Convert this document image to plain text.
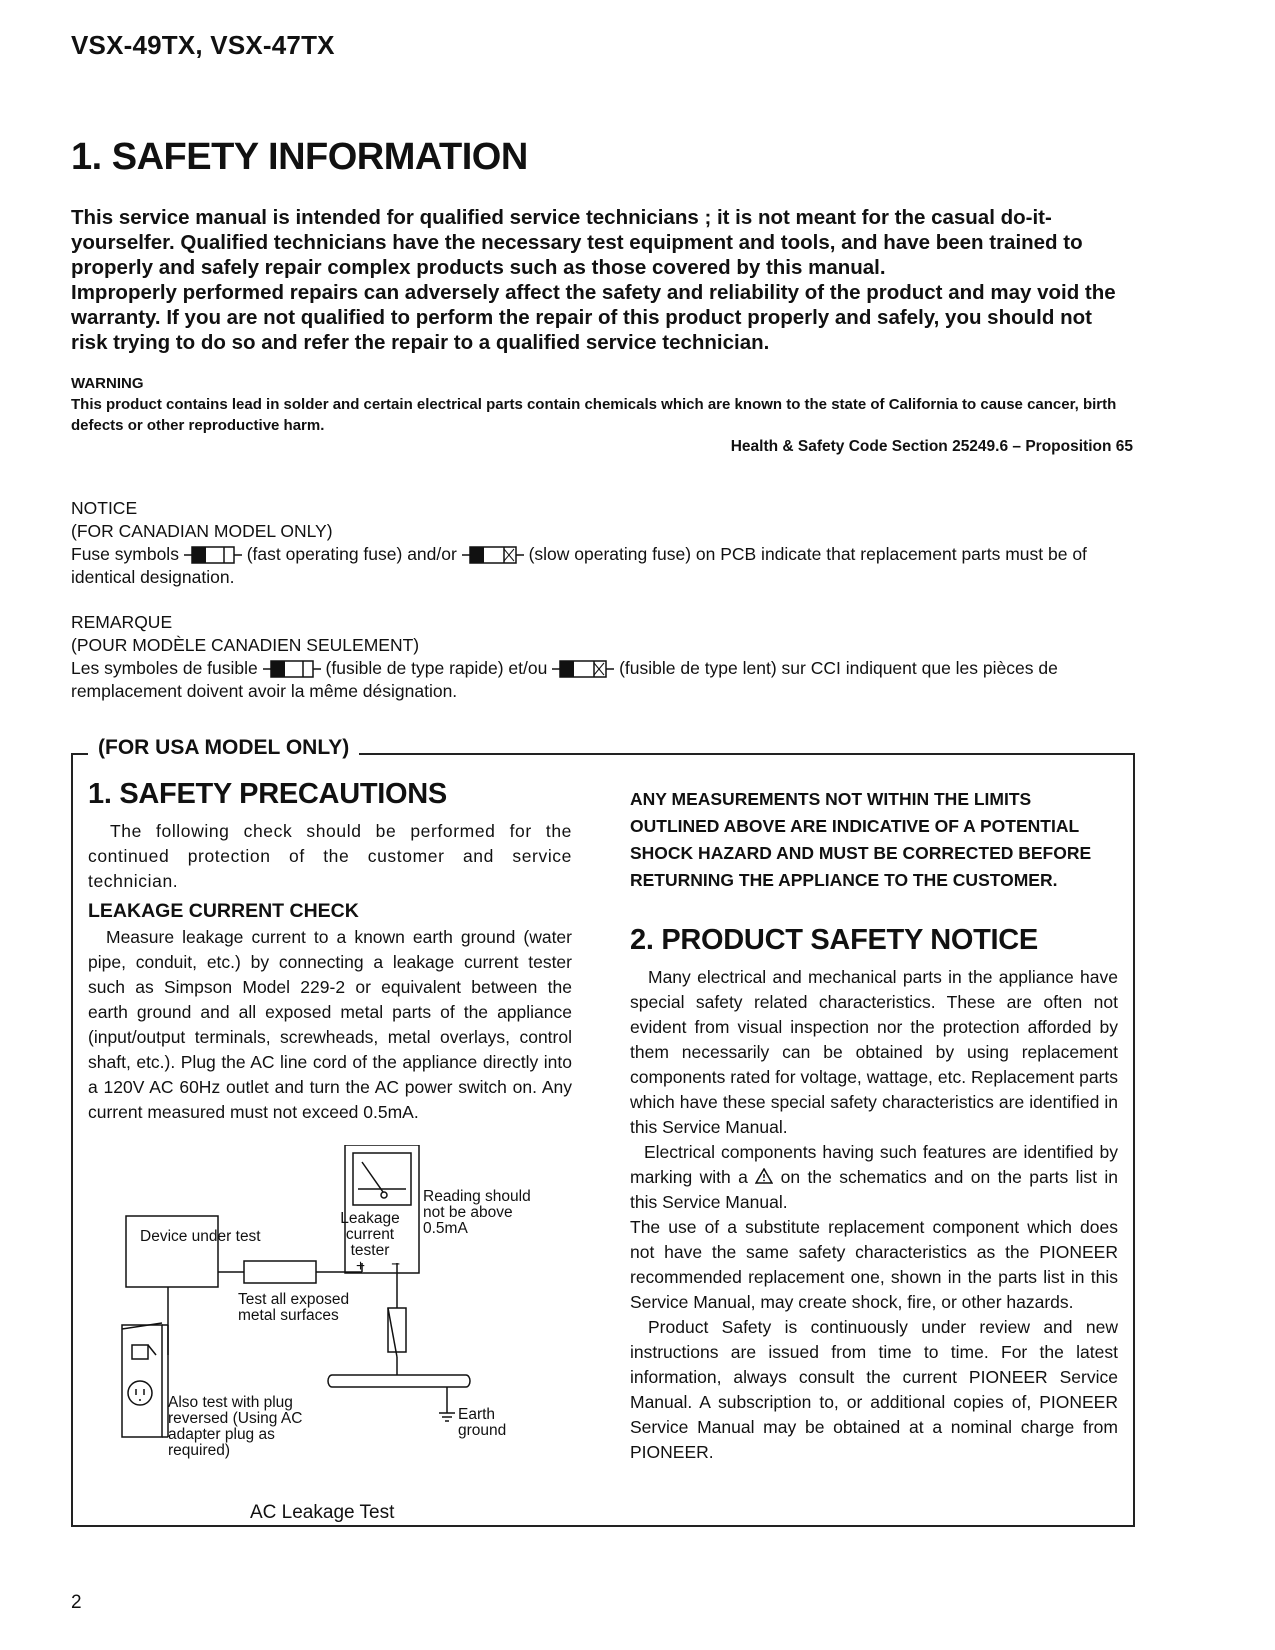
VSX-49TX, VSX-47TX
1. SAFETY INFORMATION

This service manual is intended for qualified service technicians ; it is not meant for the casual do-it-yourselfer. Qualified technicians have the necessary test equipment and tools, and have been trained to properly and safely repair complex products such as those covered by this manual.

Improperly performed repairs can adversely affect the safety and reliability of the product and may void the warranty. If you are not qualified to perform the repair of this product properly and safely, you should not risk trying to do so and refer the repair to a qualified service technician.

WARNING

This product contains lead in solder and certain electrical parts contain chemicals which are known to the state of California to cause cancer, birth defects or other reproductive harm.

Health & Safety Code Section 25249.6 – Proposition 65

NOTICE

(FOR CANADIAN MODEL ONLY)

Fuse symbols	(fast operating fuse) and/or	(slow operating fuse) on PCB indicate that replacement parts must be of identical designation.

REMARQUE

(POUR MODÈLE CANADIEN SEULEMENT)

Les symboles de fusible	(fusible de type rapide) et/ou	(fusible de type lent) sur CCI indiquent que les pièces de remplacement doivent avoir la même désignation.

(FOR USA MODEL ONLY)
1. SAFETY PRECAUTIONS

The following check should be performed for the continued protection of the customer and service technician.

LEAKAGE CURRENT CHECK

Measure leakage current to a known earth ground (water pipe, conduit, etc.) by connecting a leakage current tester such as Simpson Model 229-2 or equivalent between the earth ground and all exposed metal parts of the appliance (input/output terminals, screwheads, metal overlays, control shaft, etc.). Plug the AC line cord of the appliance directly into a 120V AC 60Hz outlet and turn the AC power switch on. Any current measured must not exceed 0.5mA.

Device under test
Leakage current tester
Reading should not be above 0.5mA
Test all exposed metal surfaces
Also test with plug reversed (Using AC adapter plug as required)
Earth ground
+ −
AC Leakage Test

ANY MEASUREMENTS NOT WITHIN THE LIMITS OUTLINED ABOVE ARE INDICATIVE OF A POTENTIAL SHOCK HAZARD AND MUST BE CORRECTED BEFORE RETURNING THE APPLIANCE TO THE CUSTOMER.

2. PRODUCT SAFETY NOTICE

Many electrical and mechanical parts in the appliance have special safety related characteristics. These are often not evident from visual inspection nor the protection afforded by them necessarily can be obtained by using replacement components rated for voltage, wattage, etc. Replacement parts which have these special safety characteristics are identified in this Service Manual.

Electrical components having such features are identified by marking with a on the schematics and on the parts list in this Service Manual.

The use of a substitute replacement component which does not have the same safety characteristics as the PIONEER recommended replacement one, shown in the parts list in this Service Manual, may create shock, fire, or other hazards.

Product Safety is continuously under review and new instructions are issued from time to time. For the latest information, always consult the current PIONEER Service Manual. A subscription to, or additional copies of, PIONEER Service Manual may be obtained at a nominal charge from PIONEER.

2
